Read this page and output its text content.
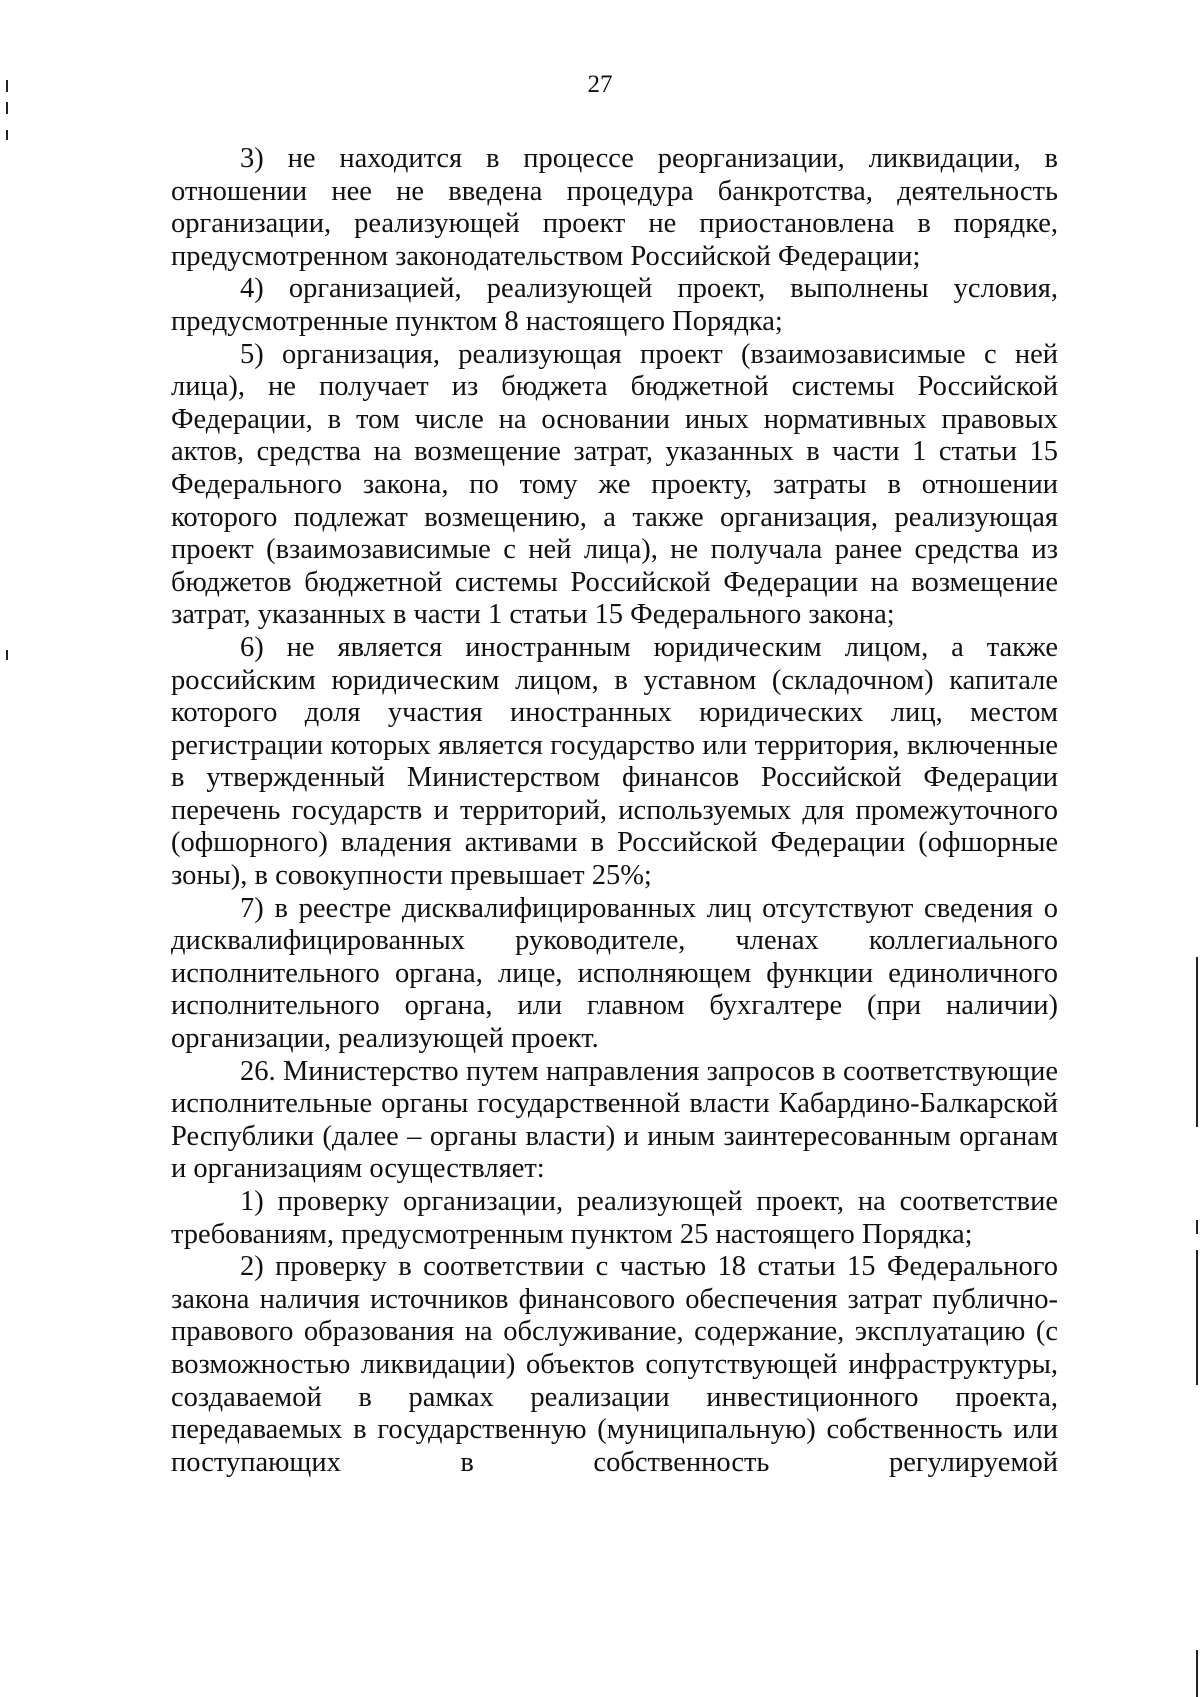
27

3) не находится в процессе реорганизации, ликвидации, в отношении нее не введена процедура банкротства, деятельность организации, реализующей проект не приостановлена в порядке, предусмотренном законодательством Российской Федерации;

4) организацией, реализующей проект, выполнены условия, предусмотренные пунктом 8 настоящего Порядка;

5) организация, реализующая проект (взаимозависимые с ней лица), не получает из бюджета бюджетной системы Российской Федерации, в том числе на основании иных нормативных правовых актов, средства на возмещение затрат, указанных в части 1 статьи 15 Федерального закона, по тому же проекту, затраты в отношении которого подлежат возмещению, а также организация, реализующая проект (взаимозависимые с ней лица), не получала ранее средства из бюджетов бюджетной системы Российской Федерации на возмещение затрат, указанных в части 1 статьи 15 Федерального закона;

6) не является иностранным юридическим лицом, а также российским юридическим лицом, в уставном (складочном) капитале которого доля участия иностранных юридических лиц, местом регистрации которых является государство или территория, включенные в утвержденный Министерством финансов Российской Федерации перечень государств и территорий, используемых для промежуточного (офшорного) владения активами в Российской Федерации (офшорные зоны), в совокупности превышает 25%;

7) в реестре дисквалифицированных лиц отсутствуют сведения о дисквалифицированных руководителе, членах коллегиального исполнительного органа, лице, исполняющем функции единоличного исполнительного органа, или главном бухгалтере (при наличии) организации, реализующей проект.

26. Министерство путем направления запросов в соответствующие исполнительные органы государственной власти Кабардино-Балкарской Республики (далее – органы власти) и иным заинтересованным органам и организациям осуществляет:

1) проверку организации, реализующей проект, на соответствие требованиям, предусмотренным пунктом 25 настоящего Порядка;

2) проверку в соответствии с частью 18 статьи 15 Федерального закона наличия источников финансового обеспечения затрат публично-правового образования на обслуживание, содержание, эксплуатацию (с возможностью ликвидации) объектов сопутствующей инфраструктуры, создаваемой в рамках реализации инвестиционного проекта, передаваемых в государственную (муниципальную) собственность или поступающих в собственность регулируемой
